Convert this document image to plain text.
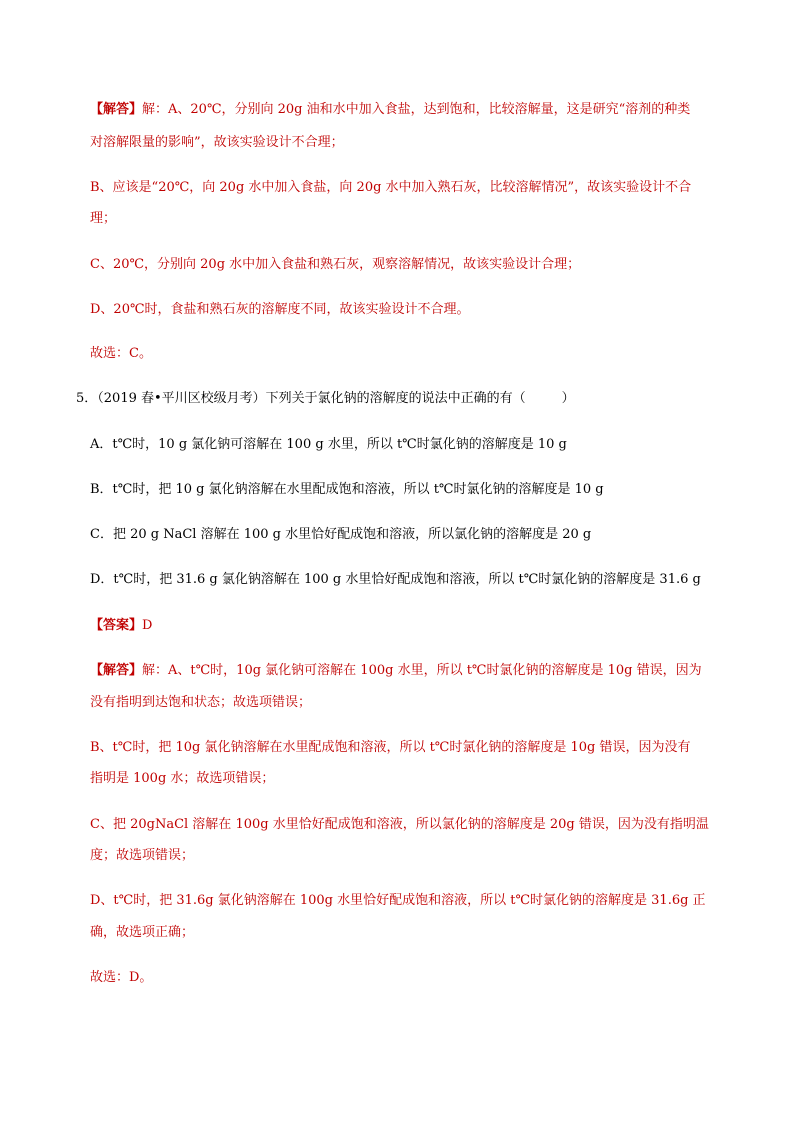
【解答】解：A、20℃，分别向 20g 油和水中加入食盐，达到饱和，比较溶解量，这是研究“溶剂的种类
对溶解限量的影响”，故该实验设计不合理；
B、应该是“20℃，向 20g 水中加入食盐，向 20g 水中加入熟石灰，比较溶解情况”，故该实验设计不合
理；
C、20℃，分别向 20g 水中加入食盐和熟石灰，观察溶解情况，故该实验设计合理；
D、20℃时，食盐和熟石灰的溶解度不同，故该实验设计不合理。
故选：C。
5．（2019 春•平川区校级月考）下列关于氯化钠的溶解度的说法中正确的有（	）
A．t℃时，10 g 氯化钠可溶解在 100 g 水里，所以 t℃时氯化钠的溶解度是 10 g
B．t℃时，把 10 g 氯化钠溶解在水里配成饱和溶液，所以 t℃时氯化钠的溶解度是 10 g
C．把 20 g NaCl 溶解在 100 g 水里恰好配成饱和溶液，所以氯化钠的溶解度是 20 g
D．t℃时，把 31.6 g 氯化钠溶解在 100 g 水里恰好配成饱和溶液，所以 t℃时氯化钠的溶解度是 31.6 g
【答案】D
【解答】解：A、t℃时，10g 氯化钠可溶解在 100g 水里，所以 t℃时氯化钠的溶解度是 10g 错误，因为
没有指明到达饱和状态；故选项错误；
B、t℃时，把 10g 氯化钠溶解在水里配成饱和溶液，所以 t℃时氯化钠的溶解度是 10g 错误，因为没有
指明是 100g 水；故选项错误；
C、把 20gNaCl 溶解在 100g 水里恰好配成饱和溶液，所以氯化钠的溶解度是 20g 错误，因为没有指明温
度；故选项错误；
D、t℃时，把 31.6g 氯化钠溶解在 100g 水里恰好配成饱和溶液，所以 t℃时氯化钠的溶解度是 31.6g 正
确，故选项正确；
故选：D。
